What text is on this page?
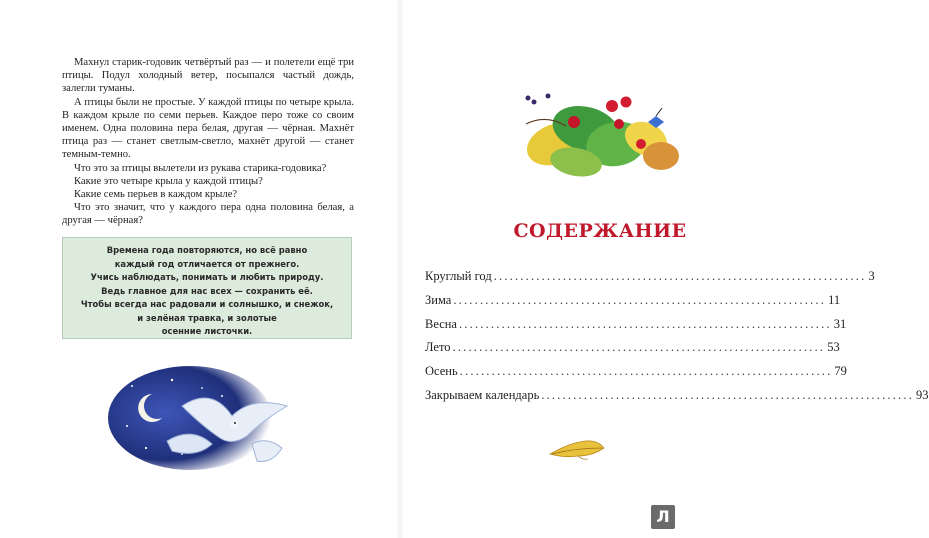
Махнул старик-годовик четвёртый раз — и полетели ещё три птицы. Подул холодный ветер, посыпался частый дождь, залегли туманы.

А птицы были не простые. У каждой птицы по четыре крыла. В каждом крыле по семи перьев. Каждое перо тоже со своим именем. Одна половина пера белая, другая — чёрная. Махнёт птица раз — станет светлым-светло, махнёт другой — станет темным-темно.

Что это за птицы вылетели из рукава старика-годовика?

Какие это четыре крыла у каждой птицы?

Какие семь перьев в каждом крыле?

Что это значит, что у каждого пера одна половина белая, а другая — чёрная?

Времена года повторяются, но всё равно
каждый год отличается от прежнего.
Учись наблюдать, понимать и любить природу.
Ведь главное для нас всех — сохранить её.
Чтобы всегда нас радовали и солнышко, и снежок,
и зелёная травка, и золотые
осенние листочки.
СОДЕРЖАНИЕ
Круглый год ...................................................................... 3
Зима ...................................................................... 11
Весна ...................................................................... 31
Лето ...................................................................... 53
Осень ...................................................................... 79
Закрываем календарь ...................................................................... 93
Л
